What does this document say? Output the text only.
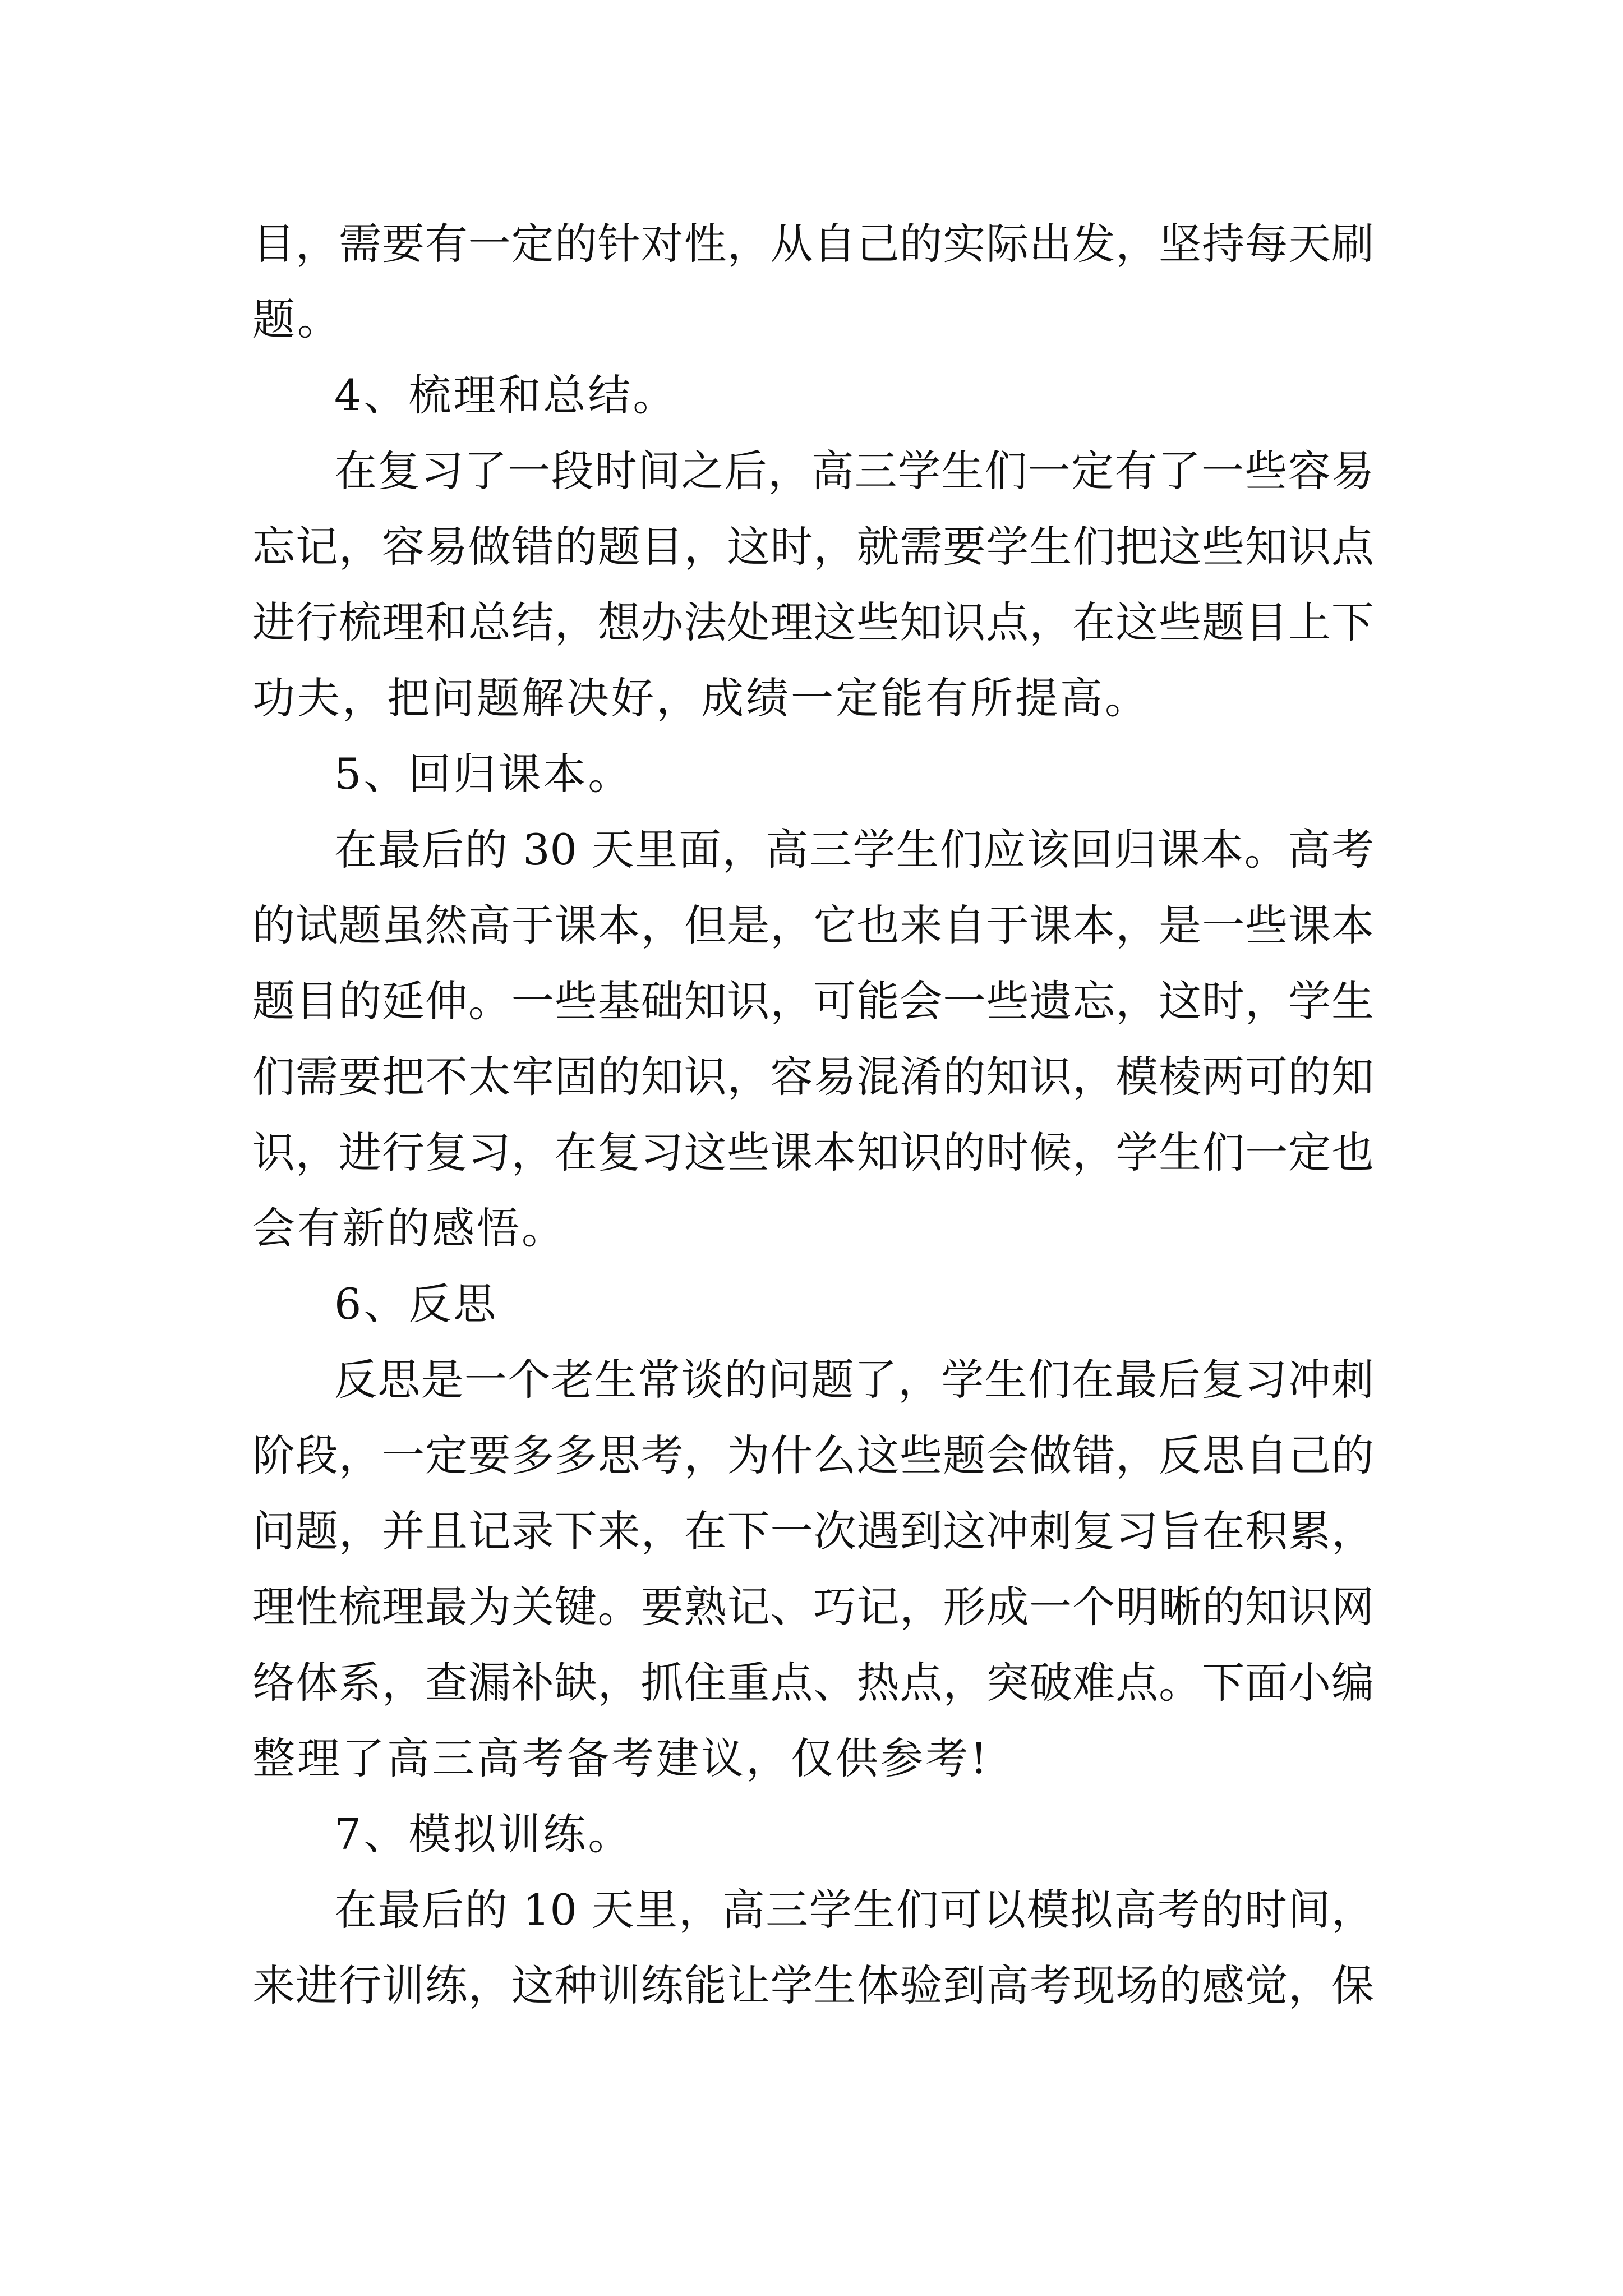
目，需要有一定的针对性，从自己的实际出发，坚持每天刷

题。

4、梳理和总结。

在复习了一段时间之后，高三学生们一定有了一些容易

忘记，容易做错的题目，这时，就需要学生们把这些知识点

进行梳理和总结，想办法处理这些知识点，在这些题目上下

功夫，把问题解决好，成绩一定能有所提高。

5、回归课本。

在最后的 30 天里面，高三学生们应该回归课本。高考

的试题虽然高于课本，但是，它也来自于课本，是一些课本

题目的延伸。一些基础知识，可能会一些遗忘，这时，学生

们需要把不太牢固的知识，容易混淆的知识，模棱两可的知

识，进行复习，在复习这些课本知识的时候，学生们一定也

会有新的感悟。

6、反思

反思是一个老生常谈的问题了，学生们在最后复习冲刺

阶段，一定要多多思考，为什么这些题会做错，反思自己的

问题，并且记录下来，在下一次遇到这冲刺复习旨在积累，

理性梳理最为关键。要熟记、巧记，形成一个明晰的知识网

络体系，查漏补缺，抓住重点、热点，突破难点。下面小编

整理了高三高考备考建议，仅供参考!

7、模拟训练。

在最后的 10 天里，高三学生们可以模拟高考的时间，

来进行训练，这种训练能让学生体验到高考现场的感觉，保
